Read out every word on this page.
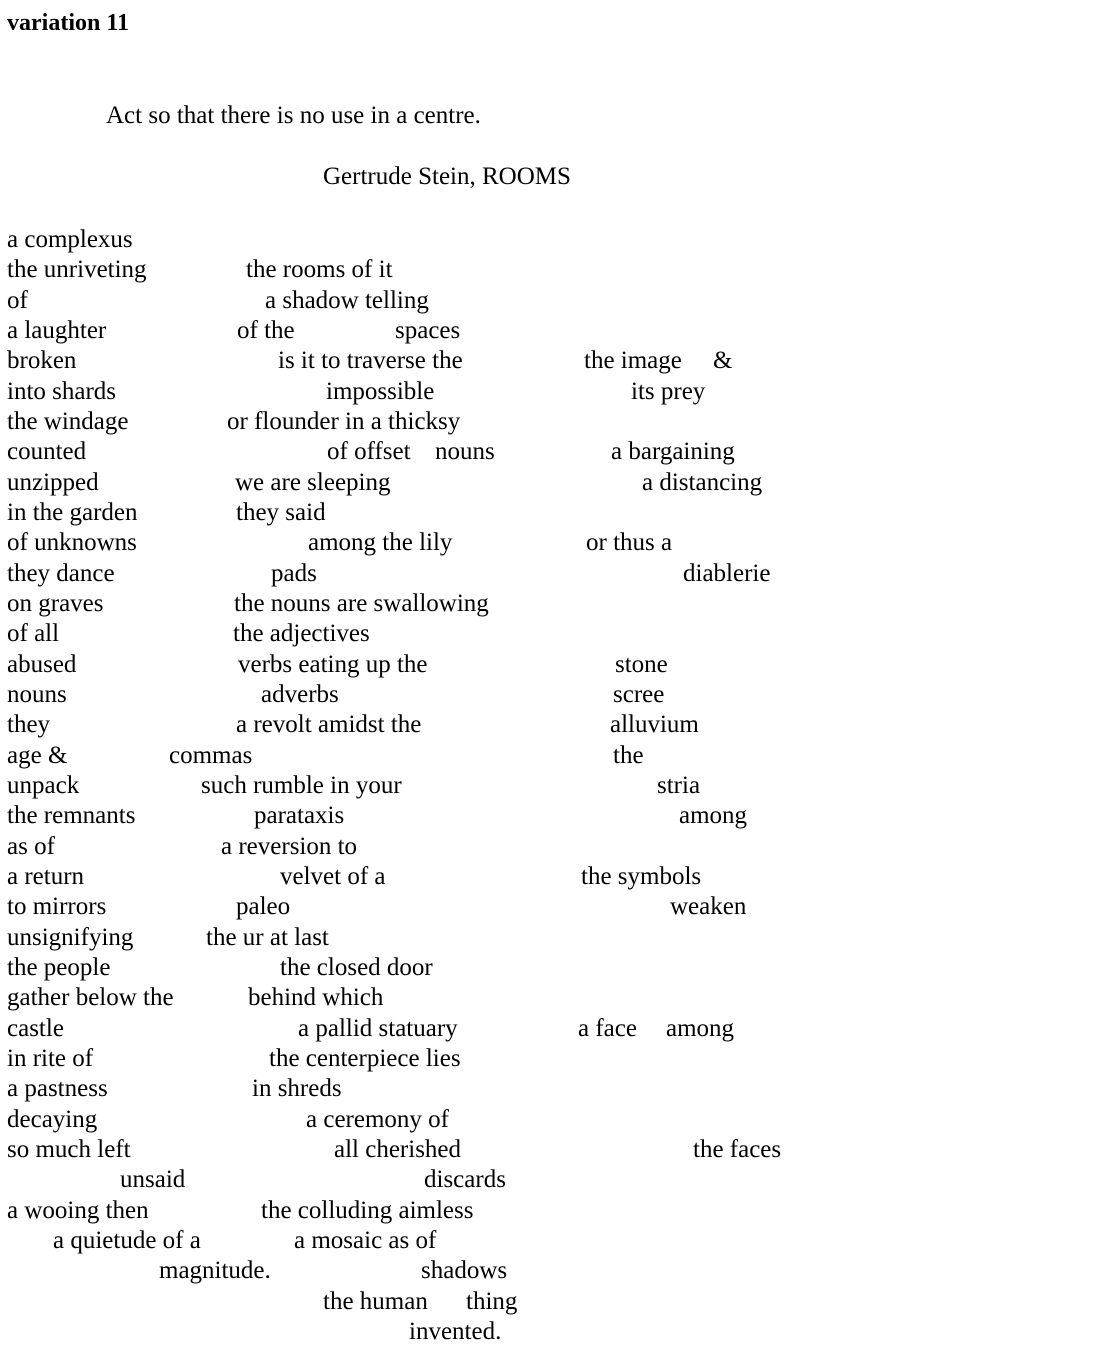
variation 11
Act so that there is no use in a centre.
Gertrude Stein, ROOMS
a complexus
the unriveting	the rooms of it
of	a shadow telling
a laughter	of the	spaces
broken	is it to traverse the	the image &
into shards	impossible	its prey
the windage	or flounder in a thicksy
counted	of offset nouns	a bargaining
unzipped	we are sleeping	a distancing
in the garden	they said
of unknowns	among the lily	or thus a
they dance	pads	diablerie
on graves	the nouns are swallowing
of all	the adjectives
abused	verbs eating up the	stone
nouns	adverbs	scree
they	a revolt amidst the	alluvium
age &	commas	the
unpack	such rumble in your	stria
the remnants	parataxis	among
as of	a reversion to
a return	velvet of a	the symbols
to mirrors	paleo	weaken
unsignifying	the ur at last
the people	the closed door
gather below the	behind which
castle	a pallid statuary	a face among
in rite of	the centerpiece lies
a pastness	in shreds
decaying	a ceremony of
so much left	all cherished	the faces
unsaid	discards
a wooing then	the colluding aimless
a quietude of a	a mosaic as of
magnitude.	shadows
the human thing
invented.
